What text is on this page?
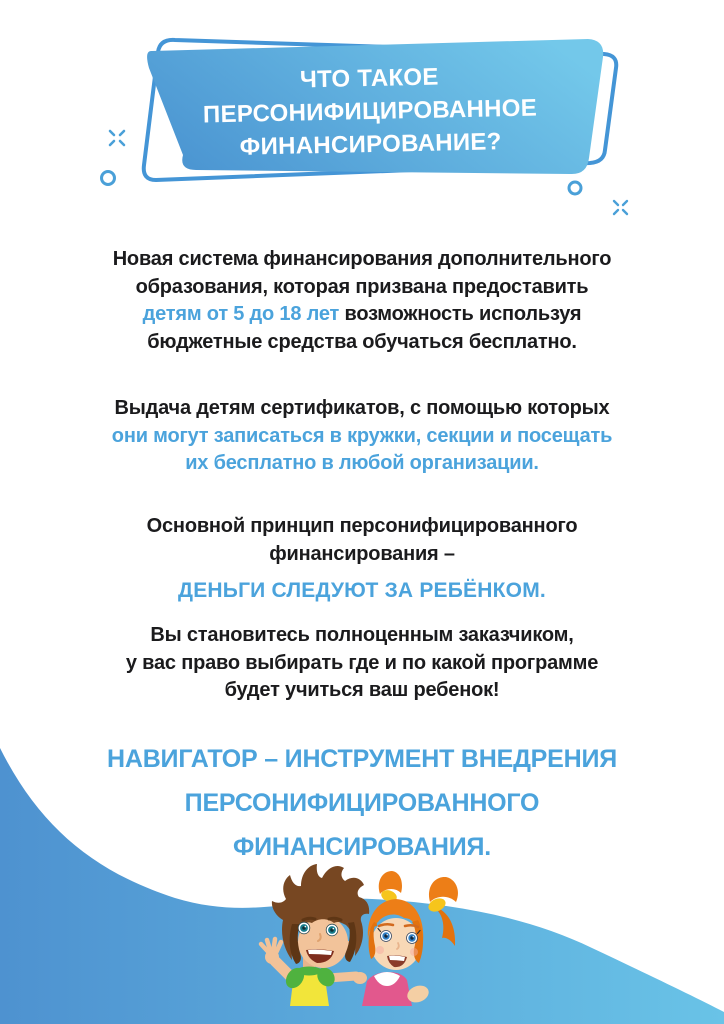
ЧТО ТАКОЕ
ПЕРСОНИФИЦИРОВАННОЕ
ФИНАНСИРОВАНИЕ?
Новая система финансирования дополнительного
образования, которая призвана предоставить
детям от 5 до 18 лет возможность используя
бюджетные средства обучаться бесплатно.
Выдача детям сертификатов, с помощью которых
они могут записаться в кружки, секции и посещать
их бесплатно в любой организации.
Основной принцип персонифицированного
финансирования –
ДЕНЬГИ СЛЕДУЮТ ЗА РЕБЁНКОМ.
Вы становитесь полноценным заказчиком,
у вас право выбирать где и по какой программе
будет учиться ваш ребенок!
НАВИГАТОР – ИНСТРУМЕНТ ВНЕДРЕНИЯ
ПЕРСОНИФИЦИРОВАННОГО
ФИНАНСИРОВАНИЯ.
